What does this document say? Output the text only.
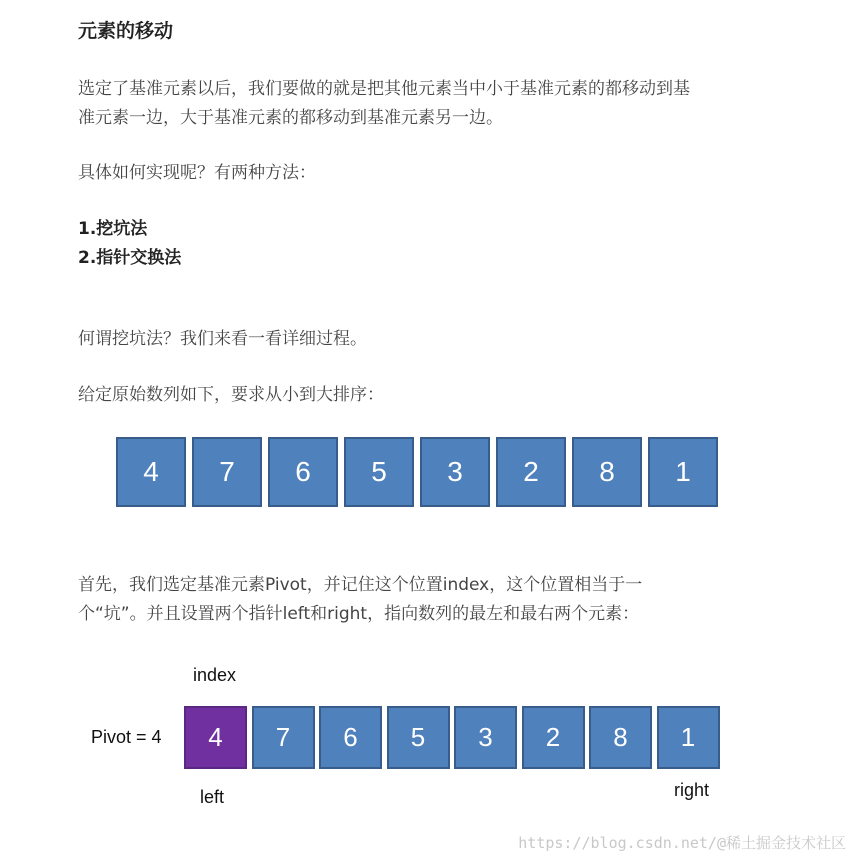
元素的移动
选定了基准元素以后，我们要做的就是把其他元素当中小于基准元素的都移动到基
准元素一边，大于基准元素的都移动到基准元素另一边。
具体如何实现呢？有两种方法：
1.挖坑法
2.指针交换法
何谓挖坑法？我们来看一看详细过程。
给定原始数列如下，要求从小到大排序：
4	7	6	5	3	2	8	1
首先，我们选定基准元素Pivot，并记住这个位置index，这个位置相当于一
个“坑”。并且设置两个指针left和right，指向数列的最左和最右两个元素：
index
Pivot = 4	4	7	6	5	3	2	8	1
left	right
https://blog.csdn.net/@稀土掘金技术社区
